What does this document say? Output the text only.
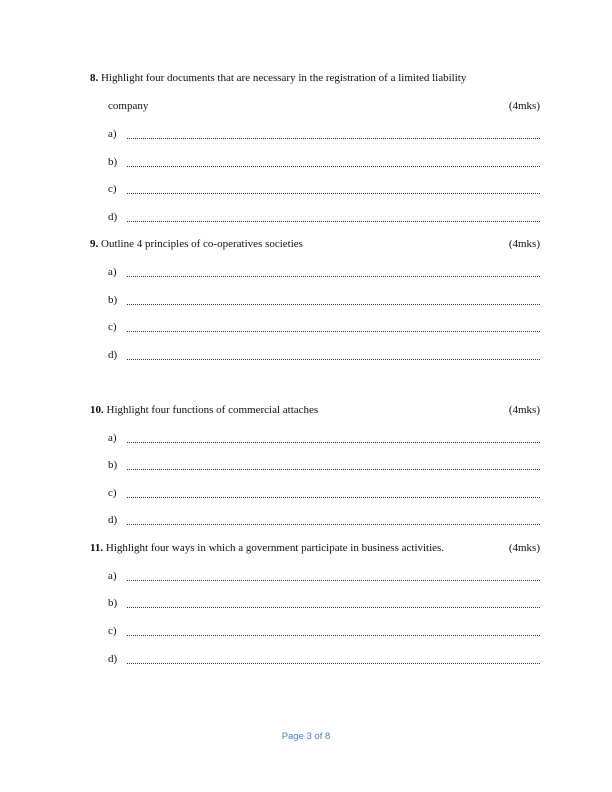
8. Highlight four documents that are necessary in the registration of a limited liability
company	(4mks)
a)
b)
c)
d)
9. Outline 4 principles of co-operatives societies	(4mks)
a)
b)
c)
d)
10. Highlight four functions of commercial attaches	(4mks)
a)
b)
c)
d)
11. Highlight four ways in which a government participate in business activities.	(4mks)
a)
b)
c)
d)
Page 3 of 8
